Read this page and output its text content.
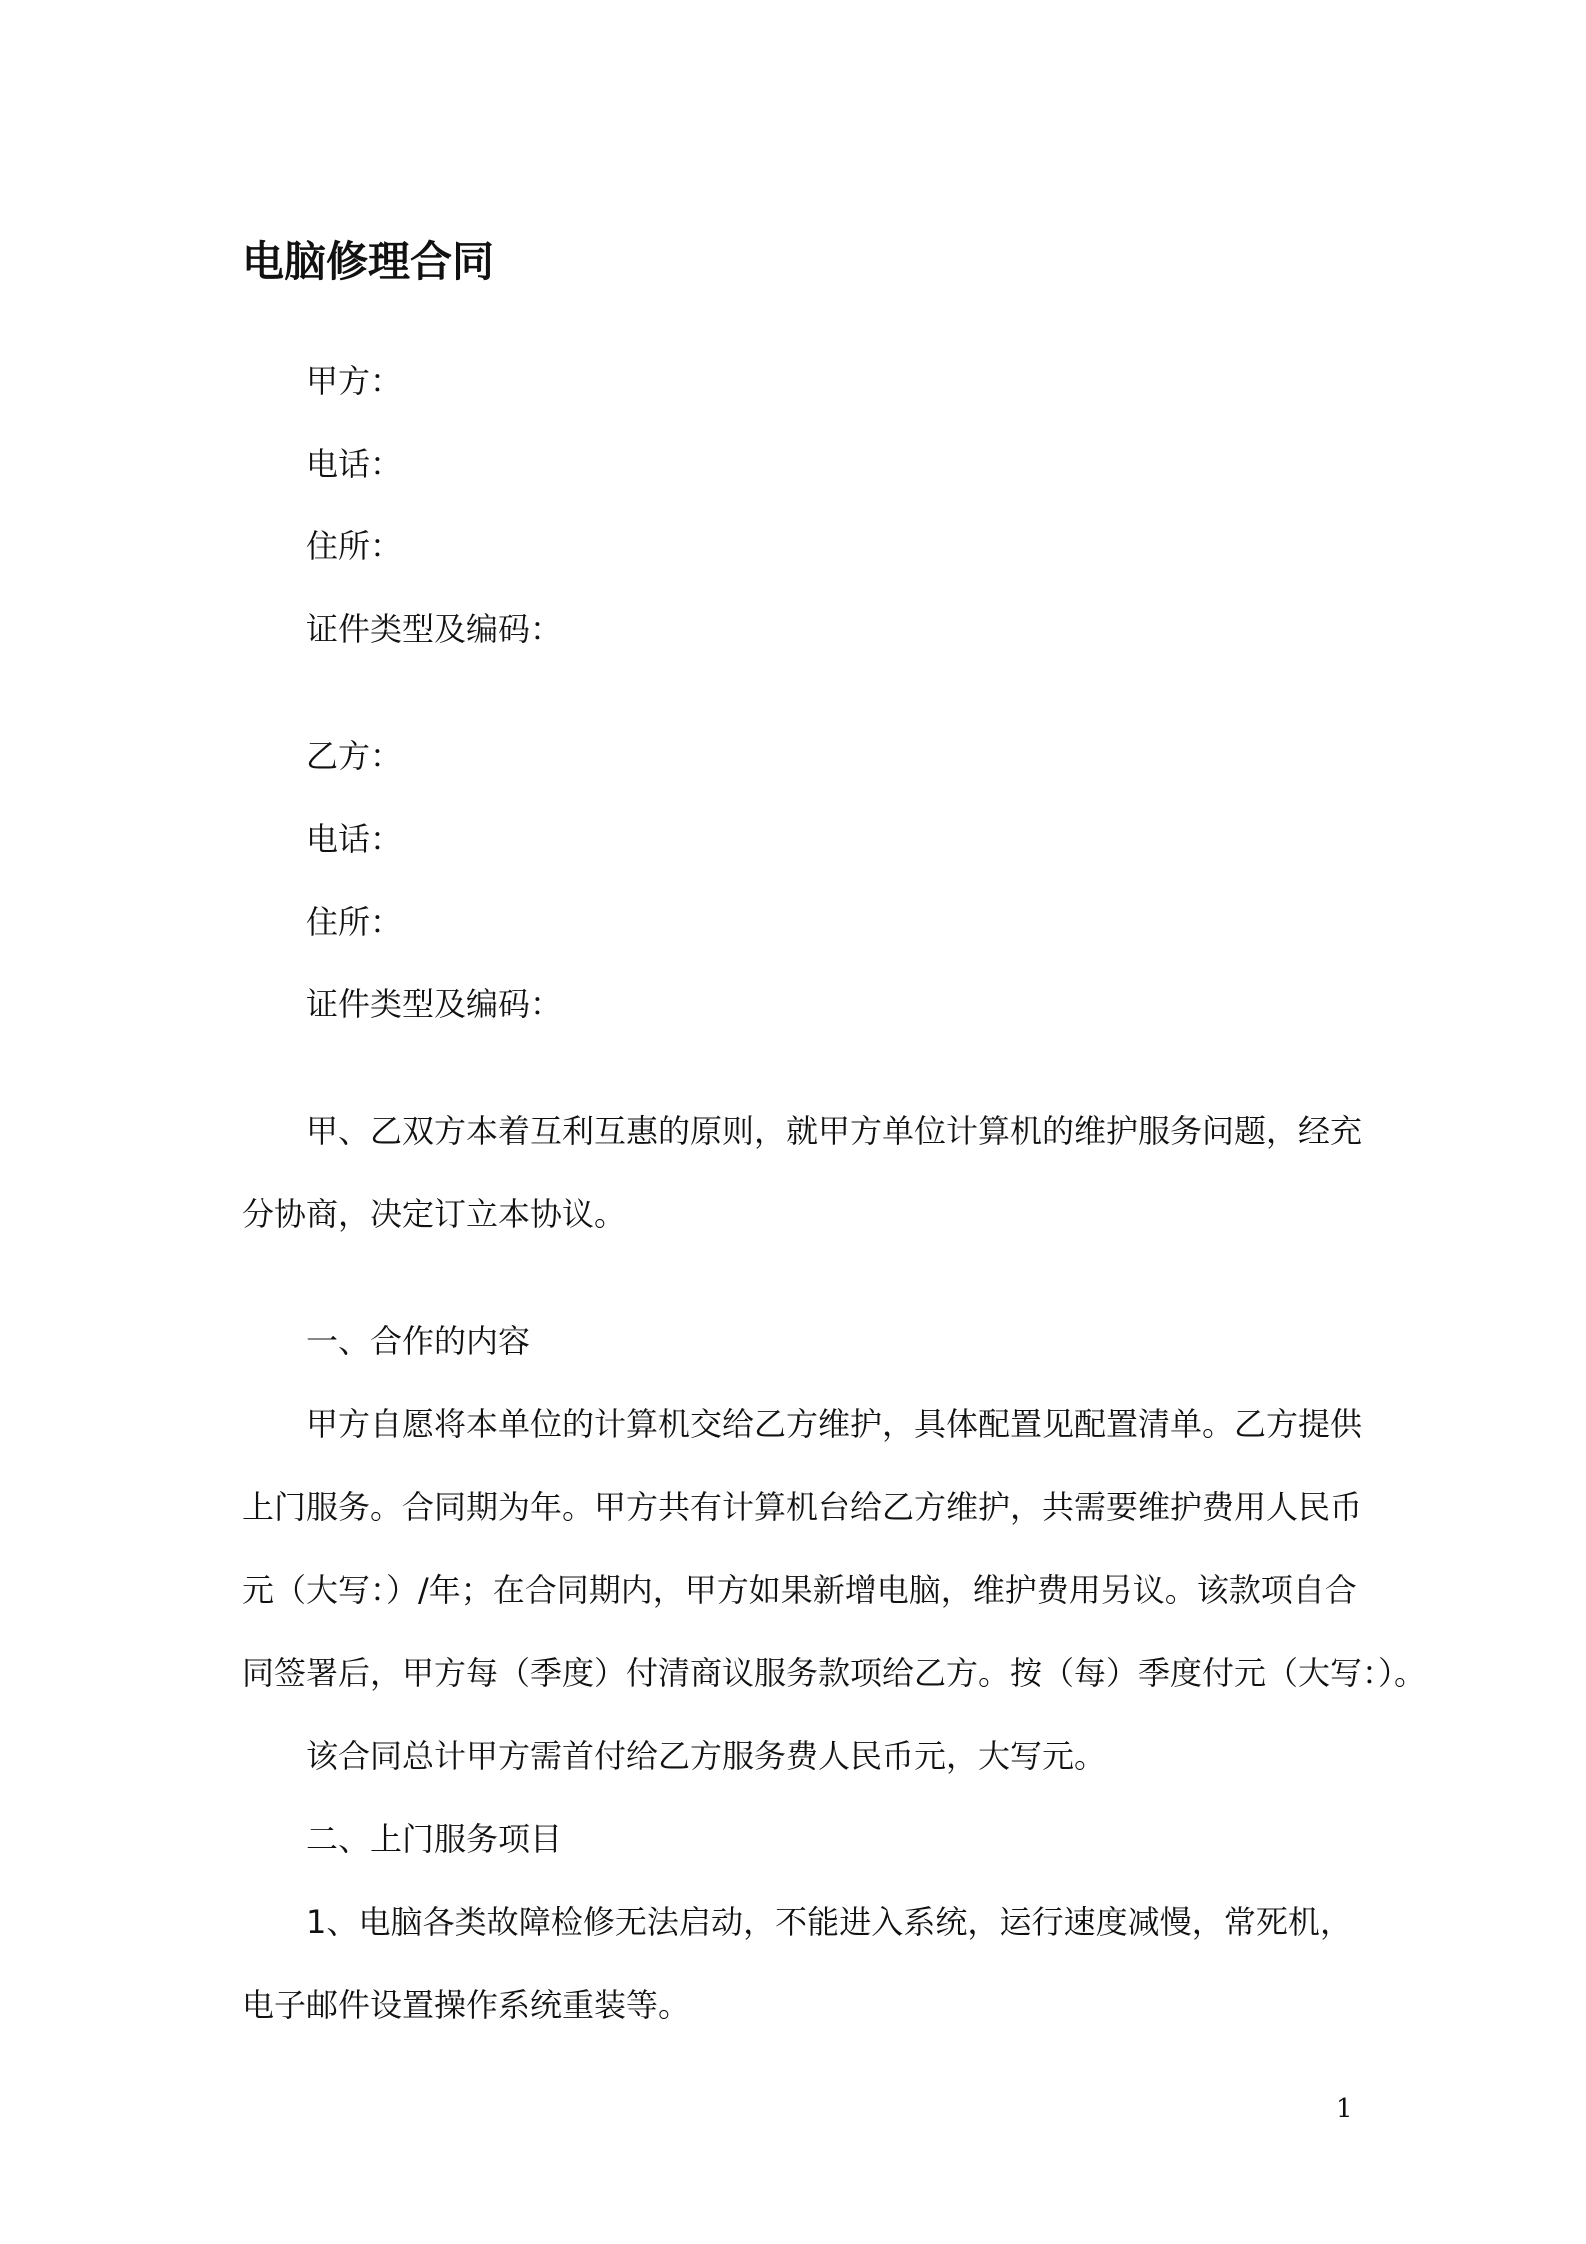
电脑修理合同
甲方：
电话：
住所：
证件类型及编码：
乙方：
电话：
住所：
证件类型及编码：
甲、乙双方本着互利互惠的原则，就甲方单位计算机的维护服务问题，经充
分协商，决定订立本协议。
一、合作的内容
甲方自愿将本单位的计算机交给乙方维护，具体配置见配置清单。乙方提供
上门服务。合同期为年。甲方共有计算机台给乙方维护，共需要维护费用人民币
元（大写：）/年；在合同期内，甲方如果新增电脑，维护费用另议。该款项自合
同签署后，甲方每（季度）付清商议服务款项给乙方。按（每）季度付元（大写：）。
该合同总计甲方需首付给乙方服务费人民币元，大写元。
二、上门服务项目
1、电脑各类故障检修无法启动，不能进入系统，运行速度减慢，常死机，
电子邮件设置操作系统重装等。
1
